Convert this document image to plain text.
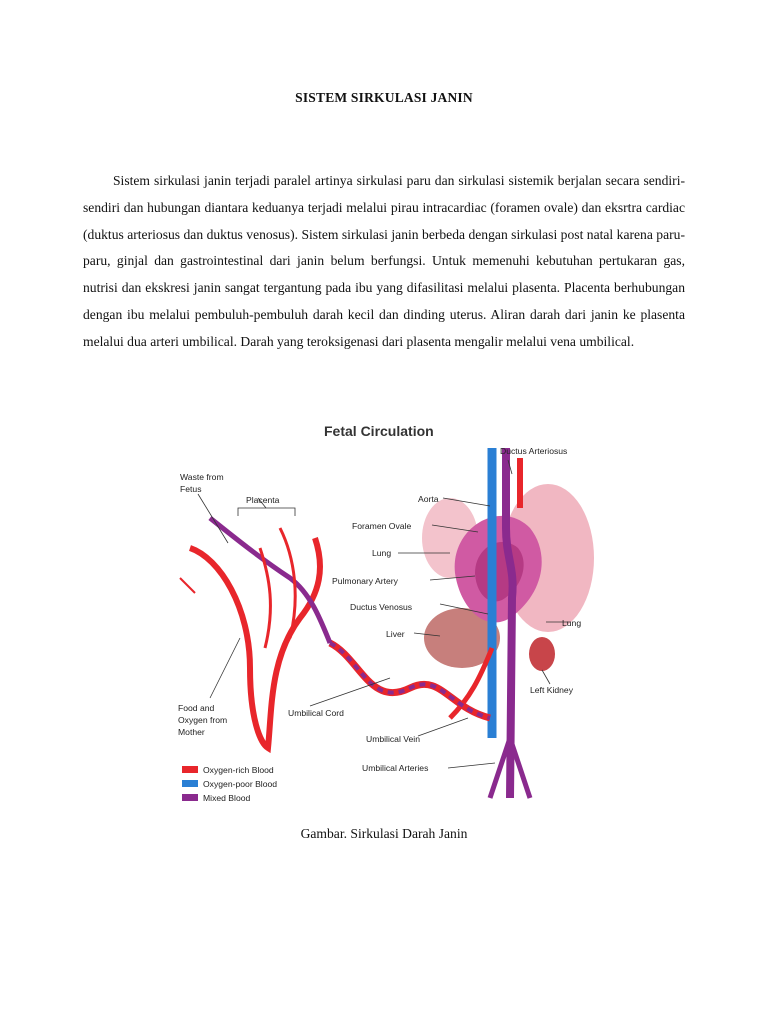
SISTEM SIRKULASI JANIN

Sistem sirkulasi janin terjadi paralel artinya sirkulasi paru dan sirkulasi sistemik berjalan secara sendiri-sendiri dan hubungan diantara keduanya terjadi melalui pirau intracardiac (foramen ovale) dan eksrtra cardiac (duktus arteriosus dan duktus venosus). Sistem sirkulasi janin berbeda dengan sirkulasi post natal karena paru-paru, ginjal dan gastrointestinal dari janin belum berfungsi. Untuk memenuhi kebutuhan pertukaran gas, nutrisi dan ekskresi janin sangat tergantung pada ibu yang difasilitasi melalui plasenta. Placenta berhubungan dengan ibu melalui pembuluh-pembuluh darah kecil dan dinding uterus. Aliran darah dari janin ke plasenta melalui dua arteri umbilical. Darah yang teroksigenasi dari plasenta mengalir melalui vena umbilical.

Fetal Circulation
Waste from
Fetus
Placenta
Ductus Arteriosus
Aorta
Foramen Ovale
Lung
Pulmonary Artery
Ductus Venosus
Liver
Lung
Left Kidney
Food and
Oxygen from
Mother
Umbilical Cord
Umbilical Vein
Umbilical Arteries
Oxygen-rich Blood
Oxygen-poor Blood
Mixed Blood
Gambar. Sirkulasi Darah Janin
